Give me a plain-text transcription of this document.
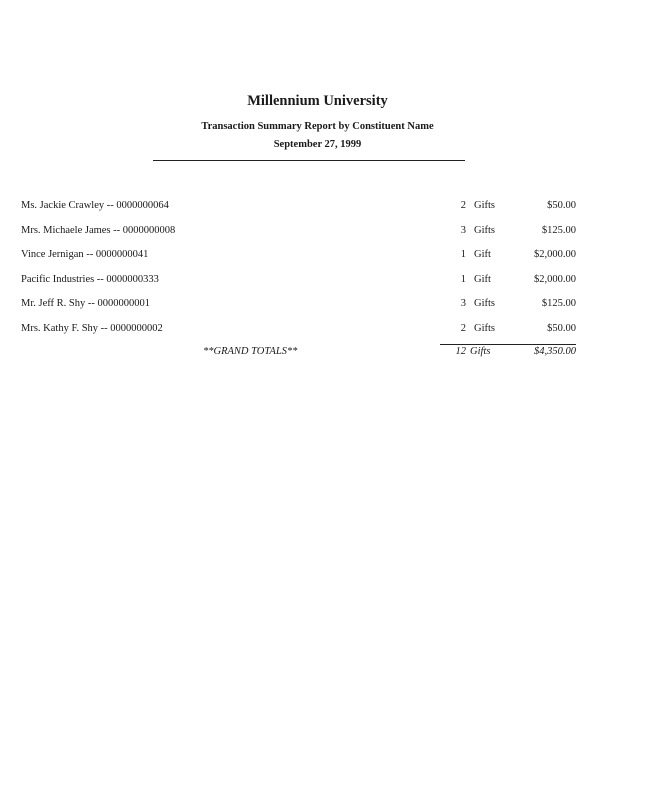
Millennium University
Transaction Summary Report by Constituent Name
September 27, 1999
Ms. Jackie Crawley -- 0000000064	2 Gifts	$50.00
Mrs. Michaele James -- 0000000008	3 Gifts	$125.00
Vince Jernigan -- 0000000041	1 Gift	$2,000.00
Pacific Industries -- 0000000333	1 Gift	$2,000.00
Mr. Jeff R. Shy -- 0000000001	3 Gifts	$125.00
Mrs. Kathy F. Shy -- 0000000002	2 Gifts	$50.00
**GRAND TOTALS**	12 Gifts	$4,350.00
